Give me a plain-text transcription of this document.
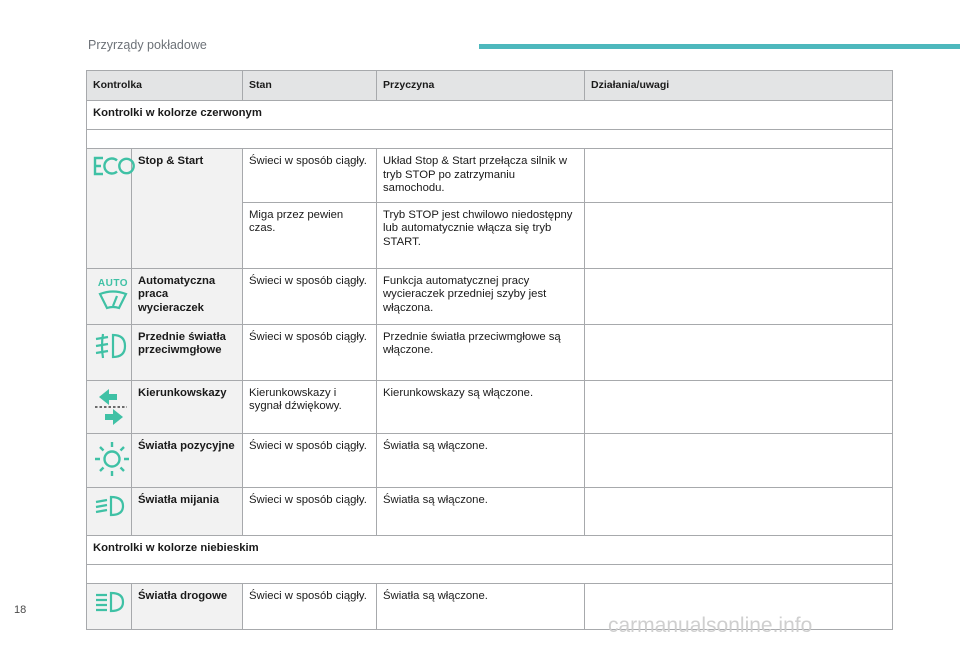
Przyrządy pokładowe
Kontrolka		Stan	Przyczyna	Działania/uwagi
Kontrolki w kolorze czerwonym				

	Stop & Start	Świeci w sposób ciągły.	Układ Stop & Start przełącza silnik w tryb STOP po zatrzymaniu samochodu.	
		Miga przez pewien czas.	Tryb STOP jest chwilowo niedostępny lub automatycznie włącza się tryb START.	

AUTO	Automatyczna praca wycieraczek	Świeci w sposób ciągły.	Funkcja automatycznej pracy wycieraczek przedniej szyby jest włączona.	

	Przednie światła przeciwmgłowe	Świeci w sposób ciągły.	Przednie światła przeciwmgłowe są włączone.	

	Kierunkowskazy	Kierunkowskazy i sygnał dźwiękowy.	Kierunkowskazy są włączone.	

	Światła pozycyjne	Świeci w sposób ciągły.	Światła są włączone.	

	Światła mijania	Świeci w sposób ciągły.	Światła są włączone.	
Kontrolki w kolorze niebieskim				

	Światła drogowe	Świeci w sposób ciągły.	Światła są włączone.	
18
carmanualsonline.info
